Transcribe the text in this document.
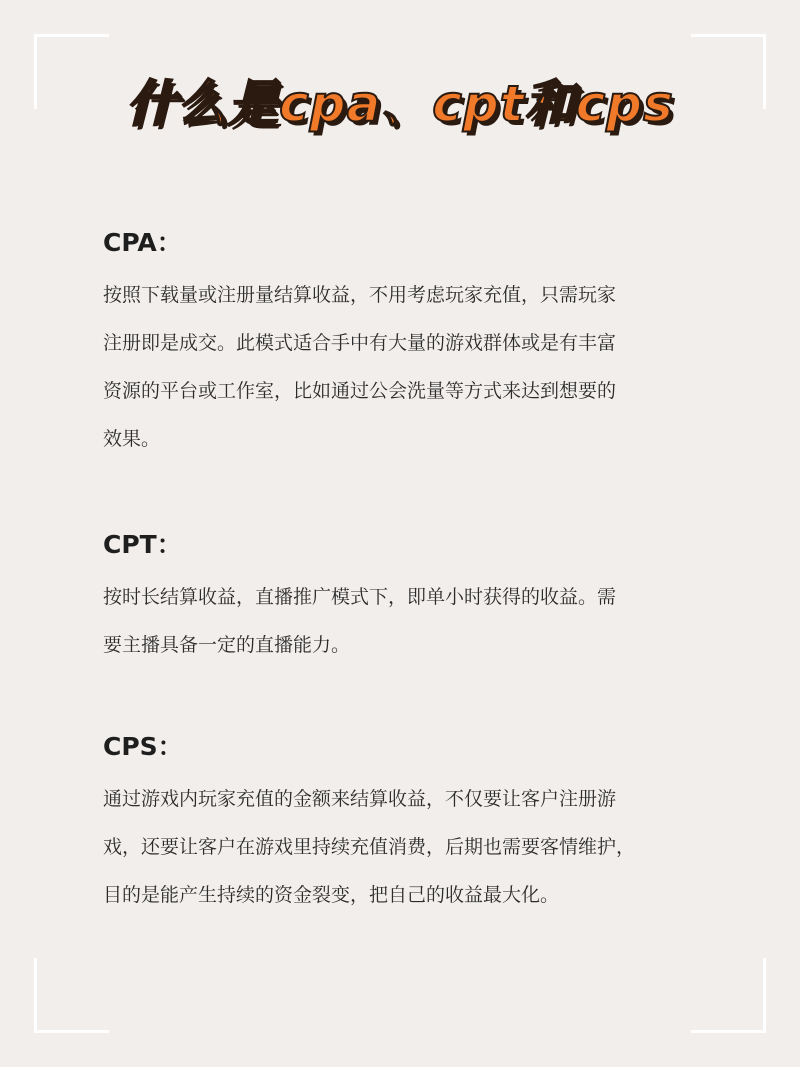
什么是cpa、cpt和cps
CPA：
按照下载量或注册量结算收益，不用考虑玩家充值，只需玩家
注册即是成交。此模式适合手中有大量的游戏群体或是有丰富
资源的平台或工作室，比如通过公会洗量等方式来达到想要的
效果。
CPT：
按时长结算收益，直播推广模式下，即单小时获得的收益。需
要主播具备一定的直播能力。
CPS：
通过游戏内玩家充值的金额来结算收益，不仅要让客户注册游
戏，还要让客户在游戏里持续充值消费，后期也需要客情维护，
目的是能产生持续的资金裂变，把自己的收益最大化。
